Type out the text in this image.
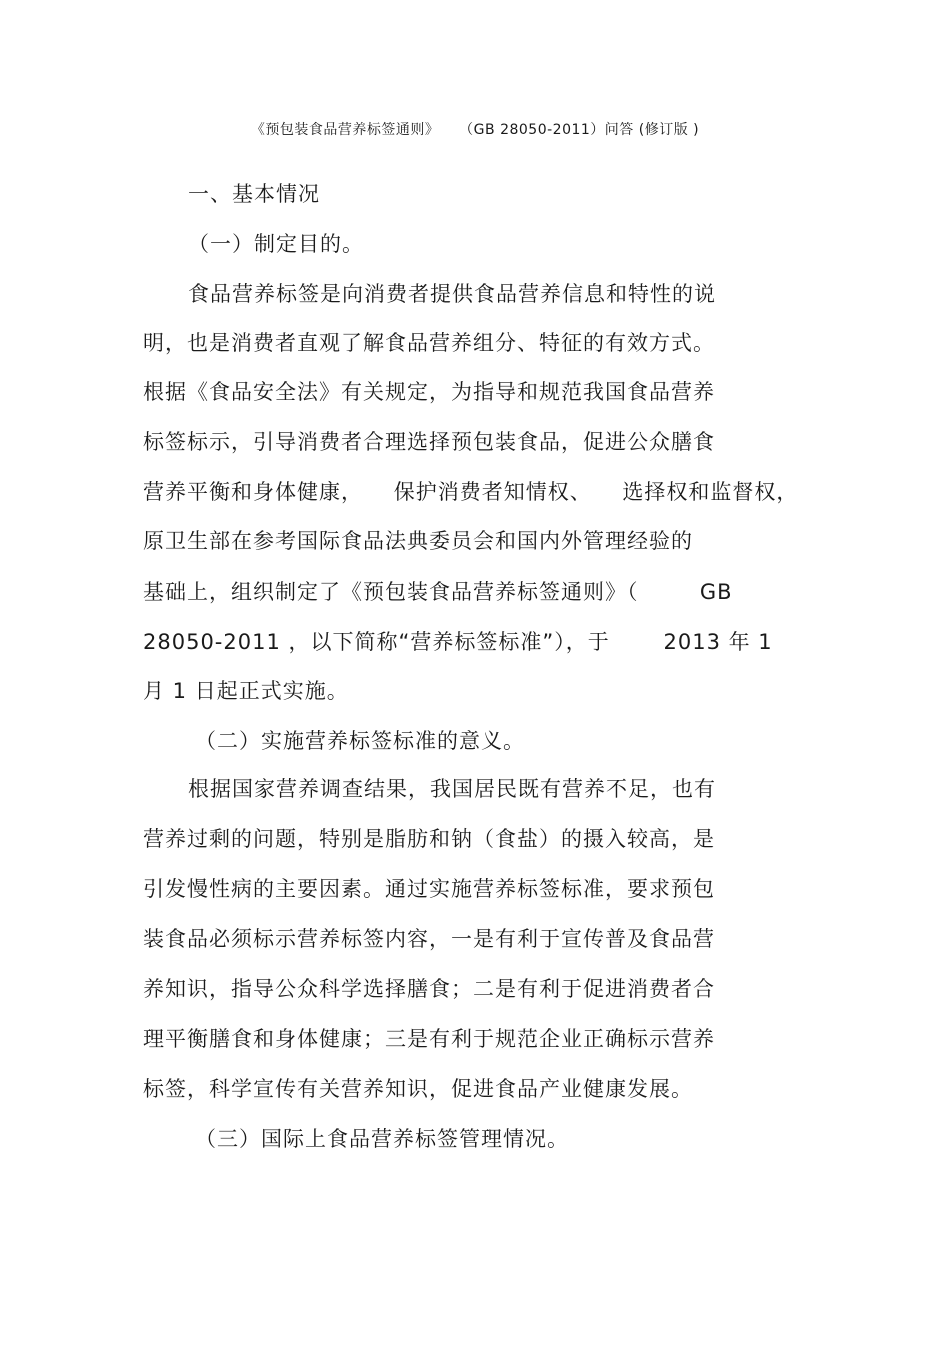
《预包装食品营养标签通则》    （GB 28050-2011）问答 (修订版 )
一、基本情况
（一）制定目的。
食品营养标签是向消费者提供食品营养信息和特性的说
明，也是消费者直观了解食品营养组分、特征的有效方式。
根据《食品安全法》有关规定，为指导和规范我国食品营养
标签标示，引导消费者合理选择预包装食品，促进公众膳食
营养平衡和身体健康，    保护消费者知情权、    选择权和监督权，
原卫生部在参考国际食品法典委员会和国内外管理经验的
基础上，组织制定了《预包装食品营养标签通则》（        GB
28050-2011 ，以下简称“营养标签标准”），于       2013 年 1
月 1 日起正式实施。
（二）实施营养标签标准的意义。
根据国家营养调查结果，我国居民既有营养不足，也有
营养过剩的问题，特别是脂肪和钠（食盐）的摄入较高，是
引发慢性病的主要因素。通过实施营养标签标准，要求预包
装食品必须标示营养标签内容，一是有利于宣传普及食品营
养知识，指导公众科学选择膳食；二是有利于促进消费者合
理平衡膳食和身体健康；三是有利于规范企业正确标示营养
标签，科学宣传有关营养知识，促进食品产业健康发展。
（三）国际上食品营养标签管理情况。
